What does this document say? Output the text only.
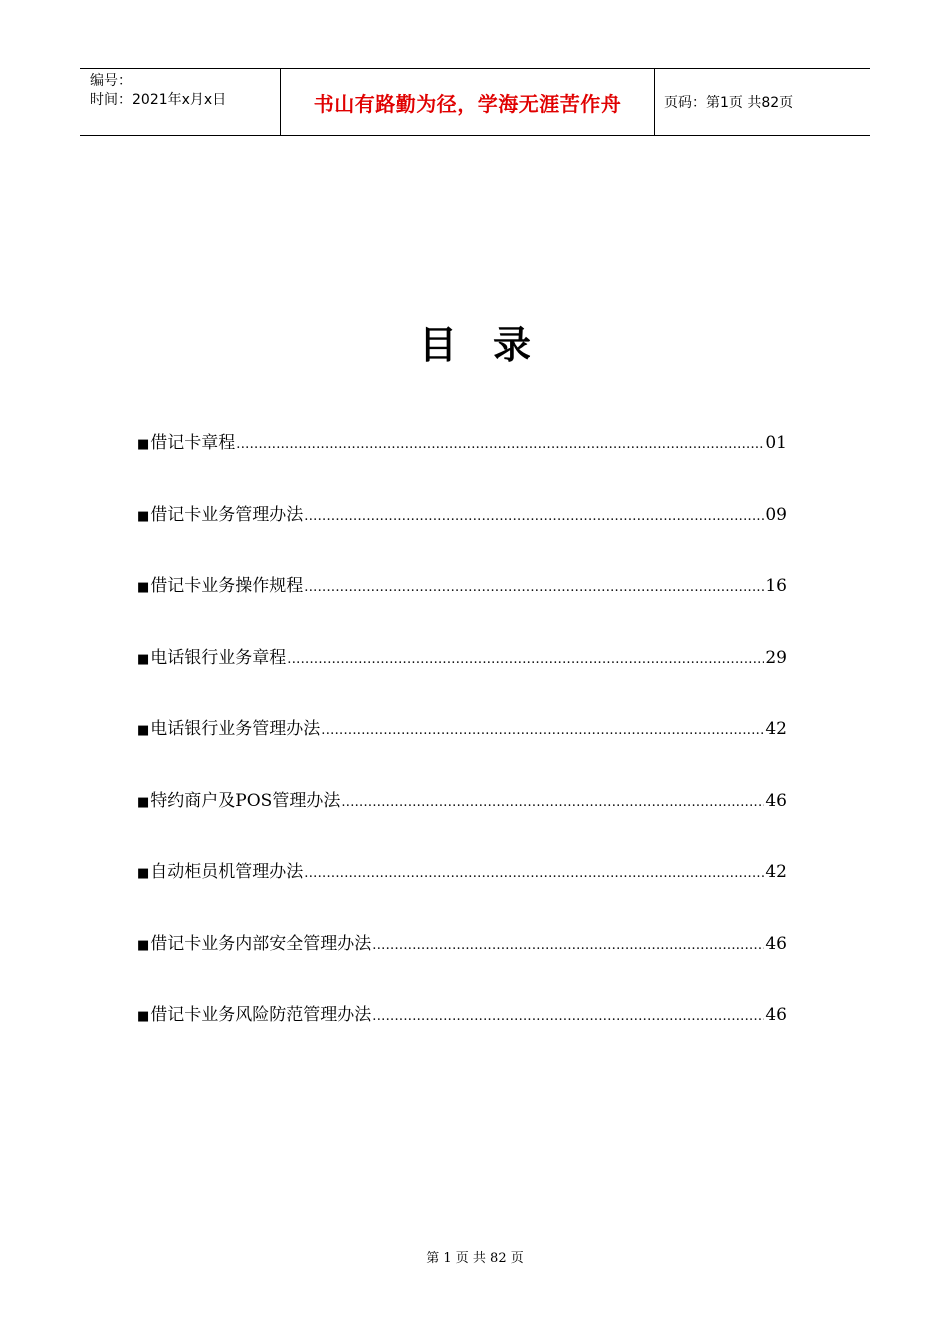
编号：
时间：2021年x月x日	书山有路勤为径，学海无涯苦作舟	页码：第1页 共82页
目录
■ 借记卡章程 .....	01
■ 借记卡业务管理办法 .....	09
■ 借记卡业务操作规程 .....	16
■ 电话银行业务章程 .....	29
■ 电话银行业务管理办法 .....	42
■ 特约商户及POS管理办法 .....	46
■ 自动柜员机管理办法 .....	42
■ 借记卡业务内部安全管理办法 .....	46
■ 借记卡业务风险防范管理办法 .....	46
第 1 页 共 82 页
